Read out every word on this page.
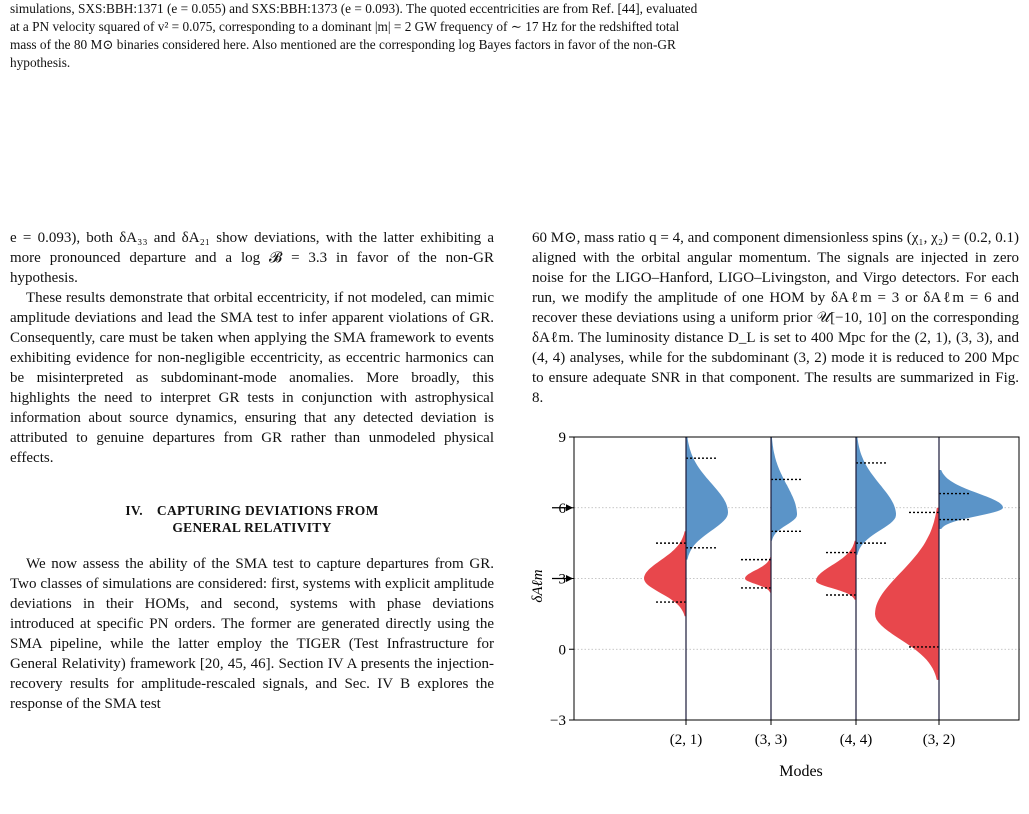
simulations, SXS:BBH:1371 (e = 0.055) and SXS:BBH:1373 (e = 0.093). The quoted eccentricities are from Ref. [44], evaluated
at a PN velocity squared of v² = 0.075, corresponding to a dominant |m| = 2 GW frequency of ∼ 17 Hz for the redshifted total
mass of the 80 M⊙ binaries considered here. Also mentioned are the corresponding log Bayes factors in favor of the non-GR
hypothesis.

e = 0.093), both δA₃₃ and δA₂₁ show deviations, with the latter exhibiting a more pronounced departure and a log 𝓑 = 3.3 in favor of the non-GR hypothesis.

These results demonstrate that orbital eccentricity, if not modeled, can mimic amplitude deviations and lead the SMA test to infer apparent violations of GR. Consequently, care must be taken when applying the SMA framework to events exhibiting evidence for non-negligible eccentricity, as eccentric harmonics can be misinterpreted as subdominant-mode anomalies. More broadly, this highlights the need to interpret GR tests in conjunction with astrophysical information about source dynamics, ensuring that any detected deviation is attributed to genuine departures from GR rather than unmodeled physical effects.

IV. CAPTURING DEVIATIONS FROM
GENERAL RELATIVITY

We now assess the ability of the SMA test to capture departures from GR. Two classes of simulations are considered: first, systems with explicit amplitude deviations in their HOMs, and second, systems with phase deviations introduced at specific PN orders. The former are generated directly using the SMA pipeline, while the latter employ the TIGER (Test Infrastructure for General Relativity) framework [20, 45, 46]. Section IV A presents the injection-recovery results for amplitude-rescaled signals, and Sec. IV B explores the response of the SMA test

60 M⊙, mass ratio q = 4, and component dimensionless spins (χ₁, χ₂) = (0.2, 0.1) aligned with the orbital angular momentum. The signals are injected in zero noise for the LIGO–Hanford, LIGO–Livingston, and Virgo detectors. For each run, we modify the amplitude of one HOM by δAℓm = 3 or δAℓm = 6 and recover these deviations using a uniform prior 𝒰[−10, 10] on the corresponding δAℓm. The luminosity distance D_L is set to 400 Mpc for the (2, 1), (3, 3), and (4, 4) analyses, while for the subdominant (3, 2) mode it is reduced to 200 Mpc to ensure adequate SNR in that component. The results are summarized in Fig. 8.

(2, 1)	(3, 3)	(4, 4)	(3, 2)
−3
0
3
6
9
δAℓm
Modes
